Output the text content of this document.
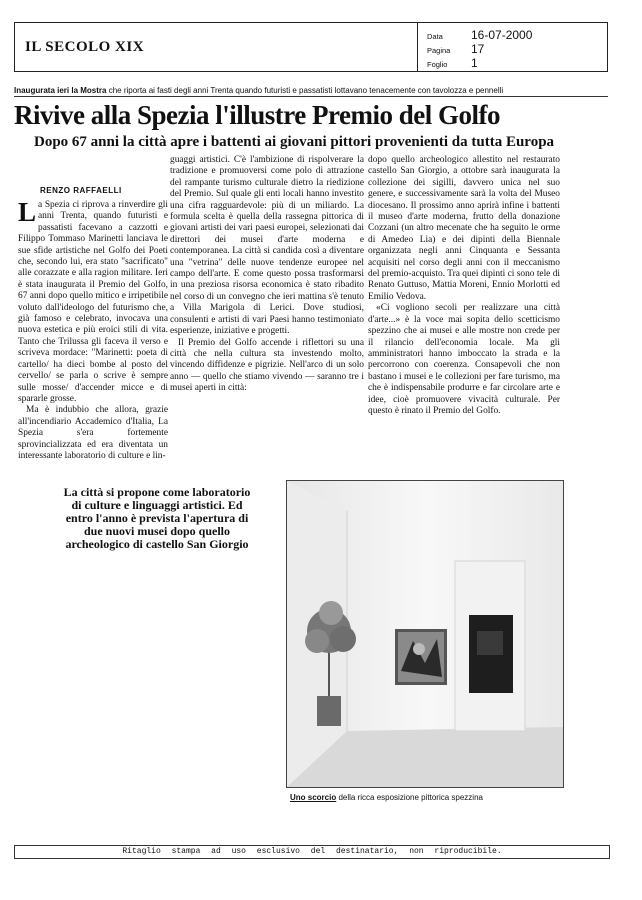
IL SECOLO XIX
Data 16-07-2000
Pagina 17
Foglio 1
Inaugurata ieri la Mostra che riporta ai fasti degli anni Trenta quando futuristi e passatisti lottavano tenacemente con tavolozza e pennelli
Rivive alla Spezia l'illustre Premio del Golfo
Dopo 67 anni la città apre i battenti ai giovani pittori provenienti da tutta Europa
RENZO RAFFAELLI

La Spezia ci riprova a rinverdire gli anni Trenta, quando futuristi e passatisti facevano a cazzotti e Filippo Tommaso Marinetti lanciava le sue sfide artistiche nel Golfo dei Poeti che, secondo lui, era stato "sacrificato" alle corazzate e alla ragion militare. Ieri è stata inaugurata il Premio del Golfo, 67 anni dopo quello mitico e irripetibile voluto dall'ideologo del futurismo che, già famoso e celebrato, invocava una nuova estetica e più eroici stili di vita. Tanto che Trilussa gli faceva il verso e scriveva mordace: "Marinetti: poeta di cartello/ ha dieci bombe al posto del cervello/ se parla o scrive è sempre sulle mosse/ d'accender micce e di spararle grosse.

Ma è indubbio che allora, grazie all'incendiario Accademico d'Italia, La Spezia s'era fortemente sprovincializzata ed era diventata un interessante laboratorio di culture e lin-

guaggi artistici. C'è l'ambizione di rispolverare la tradizione e promuoversi come polo di attrazione del rampante turismo culturale dietro la riedizione del Premio. Sul quale gli enti locali hanno investito una cifra ragguardevole: più di un miliardo. La formula scelta è quella della rassegna pittorica di giovani artisti dei vari paesi europei, selezionati dai direttori dei musei d'arte moderna e contemporanea. La città si candida così a diventare una "vetrina" delle nuove tendenze europee nel campo dell'arte. E come questo possa trasformarsi in una preziosa risorsa economica è stato ribadito nel corso di un convegno che ieri mattina s'è tenuto a Villa Marigola di Lerici. Dove studiosi, consulenti e artisti di vari Paesi hanno testimoniato esperienze, iniziative e progetti.

Il Premio del Golfo accende i riflettori su una città che nella cultura sta investendo molto, vincendo diffidenze e pigrizie. Nell'arco di un solo anno — quello che stiamo vivendo — saranno tre i musei aperti in città:

dopo quello archeologico allestito nel restaurato castello San Giorgio, a ottobre sarà inaugurata la collezione dei sigilli, davvero unica nel suo genere, e successivamente sarà la volta del Museo diocesano. Il prossimo anno aprirà infine i battenti il museo d'arte moderna, frutto della donazione Cozzani (un altro mecenate che ha seguito le orme di Amedeo Lia) e dei dipinti della Biennale organizzata negli anni Cinquanta e Sessanta acquisiti nel corso degli anni con il meccanismo del premio-acquisto. Tra quei dipinti ci sono tele di Renato Guttuso, Mattia Moreni, Ennio Morlotti ed Emilio Vedova.

«Ci vogliono secoli per realizzare una città d'arte...» è la voce mai sopita dello scetticismo spezzino che ai musei e alle mostre non crede per il rilancio dell'economia locale. Ma gli amministratori hanno imboccato la strada e la percorrono con coerenza. Consapevoli che non bastano i musei e le collezioni per fare turismo, ma che è indispensabile produrre e far circolare arte e idee, cioè promuovere vivacità culturale. Per questo è rinato il Premio del Golfo.

La città si propone come laboratorio di culture e linguaggi artistici. Ed entro l'anno è prevista l'apertura di due nuovi musei dopo quello archeologico di castello San Giorgio
Uno scorcio della ricca esposizione pittorica spezzina
Ritaglio stampa ad uso esclusivo del destinatario, non riproducibile.
